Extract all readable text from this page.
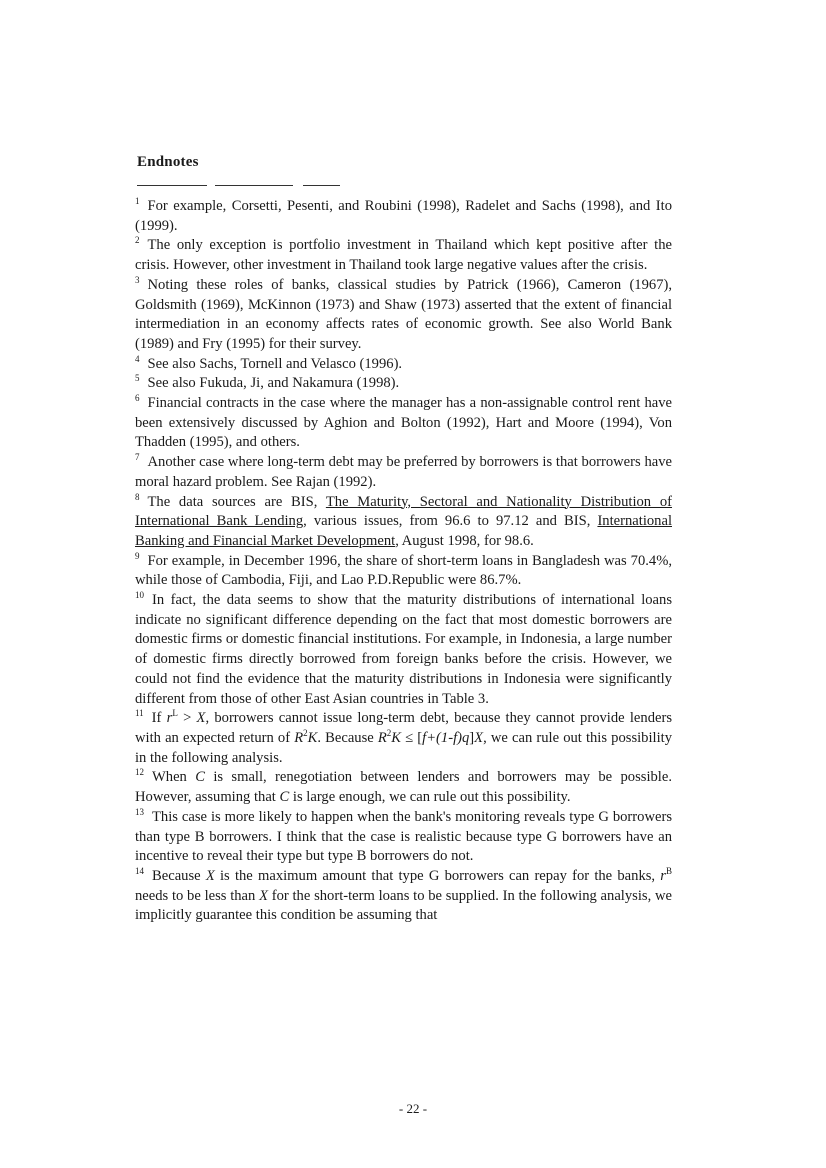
Endnotes

$^1$ For example, Corsetti, Pesenti, and Roubini (1998), Radelet and Sachs (1998), and Ito (1999).

$^2$ The only exception is portfolio investment in Thailand which kept positive after the crisis. However, other investment in Thailand took large negative values after the crisis.

$^3$ Noting these roles of banks, classical studies by Patrick (1966), Cameron (1967), Goldsmith (1969), McKinnon (1973) and Shaw (1973) asserted that the extent of financial intermediation in an economy affects rates of economic growth. See also World Bank (1989) and Fry (1995) for their survey.

$^4$ See also Sachs, Tornell and Velasco (1996).

$^5$ See also Fukuda, Ji, and Nakamura (1998).

$^6$ Financial contracts in the case where the manager has a non-assignable control rent have been extensively discussed by Aghion and Bolton (1992), Hart and Moore (1994), Von Thadden (1995), and others.

$^7$ Another case where long-term debt may be preferred by borrowers is that borrowers have moral hazard problem. See Rajan (1992).

$^8$ The data sources are BIS, The Maturity, Sectoral and Nationality Distribution of International Bank Lending, various issues, from 96.6 to 97.12 and BIS, International Banking and Financial Market Development, August 1998, for 98.6.

$^9$ For example, in December 1996, the share of short-term loans in Bangladesh was 70.4%, while those of Cambodia, Fiji, and Lao P.D.Republic were 86.7%.

$^{10}$ In fact, the data seems to show that the maturity distributions of international loans indicate no significant difference depending on the fact that most domestic borrowers are domestic firms or domestic financial institutions. For example, in Indonesia, a large number of domestic firms directly borrowed from foreign banks before the crisis. However, we could not find the evidence that the maturity distributions in Indonesia were significantly different from those of other East Asian countries in Table 3.

$^{11}$ If $r^L > X$, borrowers cannot issue long-term debt, because they cannot provide lenders with an expected return of $R^2K$. Because $R^2K \le [f+(1-f)q]X$, we can rule out this possibility in the following analysis.

$^{12}$ When C is small, renegotiation between lenders and borrowers may be possible. However, assuming that C is large enough, we can rule out this possibility.

$^{13}$ This case is more likely to happen when the bank's monitoring reveals type G borrowers than type B borrowers. I think that the case is realistic because type G borrowers have an incentive to reveal their type but type B borrowers do not.

$^{14}$ Because X is the maximum amount that type G borrowers can repay for the banks, $r^B$ needs to be less than X for the short-term loans to be supplied. In the following analysis, we implicitly guarantee this condition be assuming that

- 22 -
